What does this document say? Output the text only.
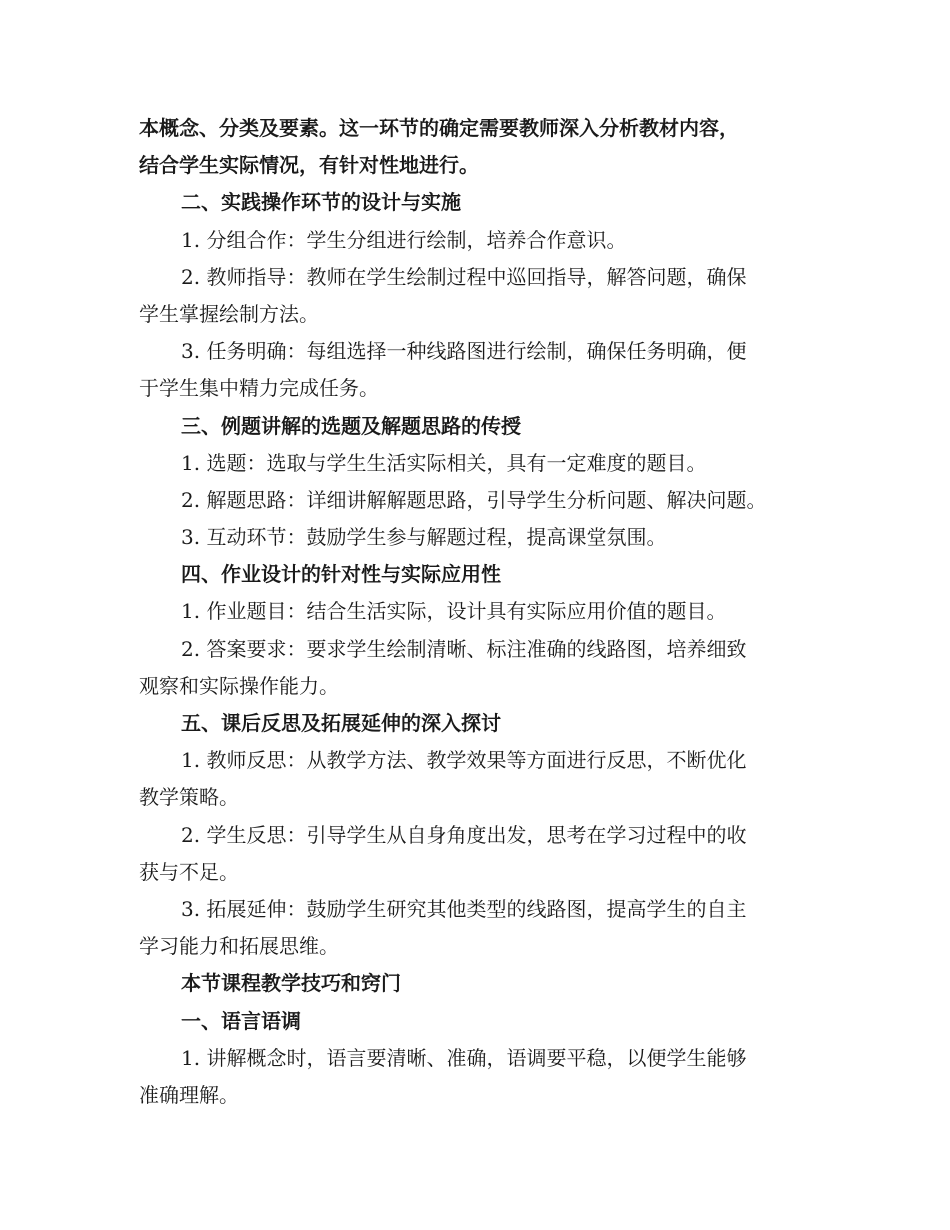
本概念、分类及要素。这一环节的确定需要教师深入分析教材内容，

结合学生实际情况，有针对性地进行。

二、实践操作环节的设计与实施

1. 分组合作：学生分组进行绘制，培养合作意识。

2. 教师指导：教师在学生绘制过程中巡回指导，解答问题，确保

学生掌握绘制方法。

3. 任务明确：每组选择一种线路图进行绘制，确保任务明确，便

于学生集中精力完成任务。

三、例题讲解的选题及解题思路的传授

1. 选题：选取与学生生活实际相关，具有一定难度的题目。

2. 解题思路：详细讲解解题思路，引导学生分析问题、解决问题。

3. 互动环节：鼓励学生参与解题过程，提高课堂氛围。

四、作业设计的针对性与实际应用性

1. 作业题目：结合生活实际，设计具有实际应用价值的题目。

2. 答案要求：要求学生绘制清晰、标注准确的线路图，培养细致

观察和实际操作能力。

五、课后反思及拓展延伸的深入探讨

1. 教师反思：从教学方法、教学效果等方面进行反思，不断优化

教学策略。

2. 学生反思：引导学生从自身角度出发，思考在学习过程中的收

获与不足。

3. 拓展延伸：鼓励学生研究其他类型的线路图，提高学生的自主

学习能力和拓展思维。

本节课程教学技巧和窍门

一、语言语调

1. 讲解概念时，语言要清晰、准确，语调要平稳，以便学生能够

准确理解。
